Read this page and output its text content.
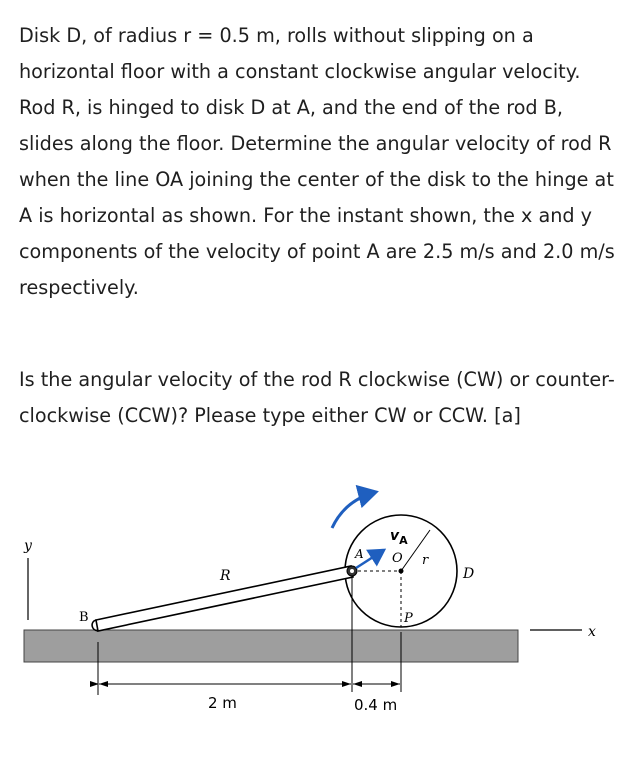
Disk D, of radius r = 0.5 m, rolls without slipping on a horizontal floor with a constant clockwise angular velocity. Rod R, is hinged to disk D at A, and the end of the rod B, slides along the floor. Determine the angular velocity of rod R when the line OA joining the center of the disk to the hinge at A is horizontal as shown. For the instant shown, the x and y components of the velocity of point A are 2.5 m/s and 2.0 m/s respectively.

Is the angular velocity of the rod R clockwise (CW) or counter-clockwise (CCW)? Please type either CW or CCW. [a]

y
x
r
O
P
D
R
B
A
$v_A$
2 m	0.4 m
